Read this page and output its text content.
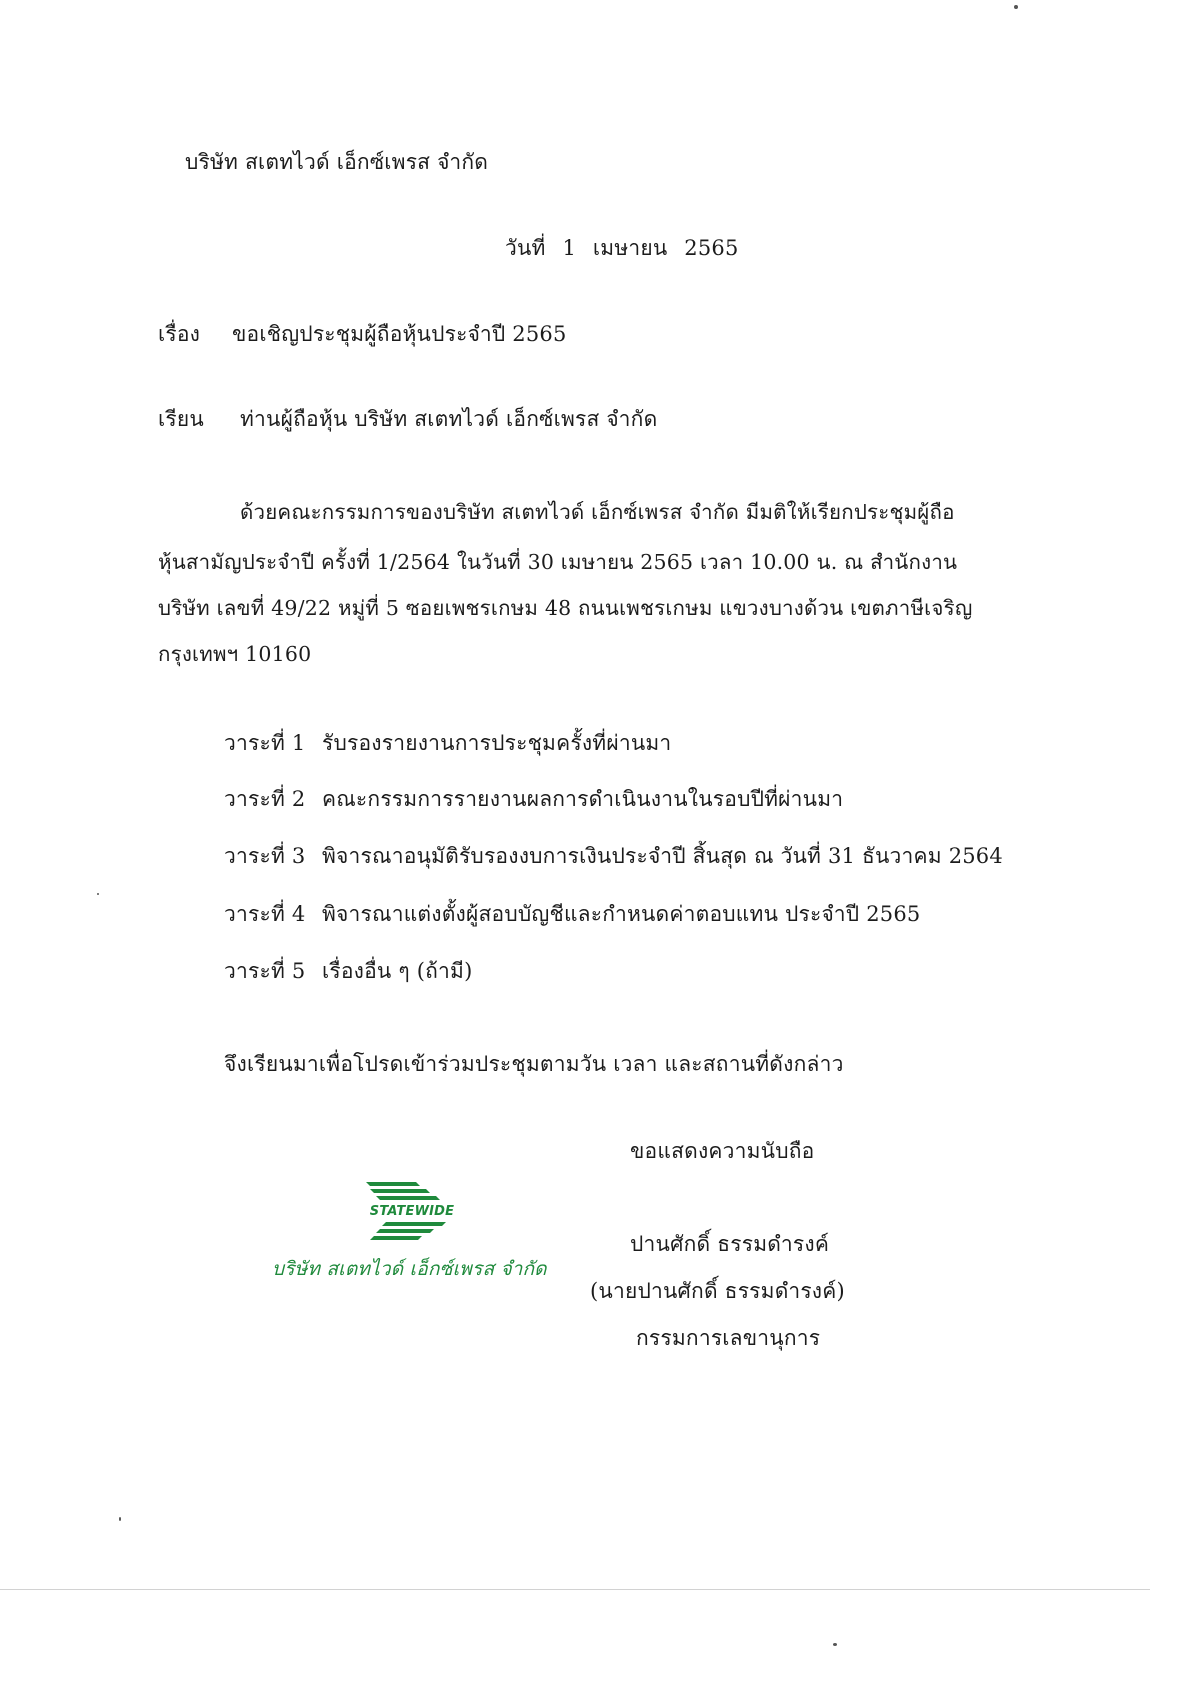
บริษัท สเตทไวด์ เอ็กซ์เพรส จำกัด
วันที่ 1 เมษายน 2565
เรื่อง ขอเชิญประชุมผู้ถือหุ้นประจำปี 2565
เรียน ท่านผู้ถือหุ้น บริษัท สเตทไวด์ เอ็กซ์เพรส จำกัด
ด้วยคณะกรรมการของบริษัท สเตทไวด์ เอ็กซ์เพรส จำกัด มีมติให้เรียกประชุมผู้ถือ
หุ้นสามัญประจำปี ครั้งที่ 1/2564 ในวันที่ 30 เมษายน 2565 เวลา 10.00 น. ณ สำนักงาน
บริษัท เลขที่ 49/22 หมู่ที่ 5 ซอยเพชรเกษม 48 ถนนเพชรเกษม แขวงบางด้วน เขตภาษีเจริญ
กรุงเทพฯ 10160
วาระที่ 1 รับรองรายงานการประชุมครั้งที่ผ่านมา
วาระที่ 2 คณะกรรมการรายงานผลการดำเนินงานในรอบปีที่ผ่านมา
วาระที่ 3 พิจารณาอนุมัติรับรองงบการเงินประจำปี สิ้นสุด ณ วันที่ 31 ธันวาคม 2564
วาระที่ 4 พิจารณาแต่งตั้งผู้สอบบัญชีและกำหนดค่าตอบแทน ประจำปี 2565
วาระที่ 5 เรื่องอื่น ๆ (ถ้ามี)
จึงเรียนมาเพื่อโปรดเข้าร่วมประชุมตามวัน เวลา และสถานที่ดังกล่าว
ขอแสดงความนับถือ
STATEWIDE
บริษัท สเตทไวด์ เอ็กซ์เพรส จำกัด
ปานศักดิ์ ธรรมดำรงค์
(นายปานศักดิ์ ธรรมดำรงค์)
กรรมการเลขานุการ
